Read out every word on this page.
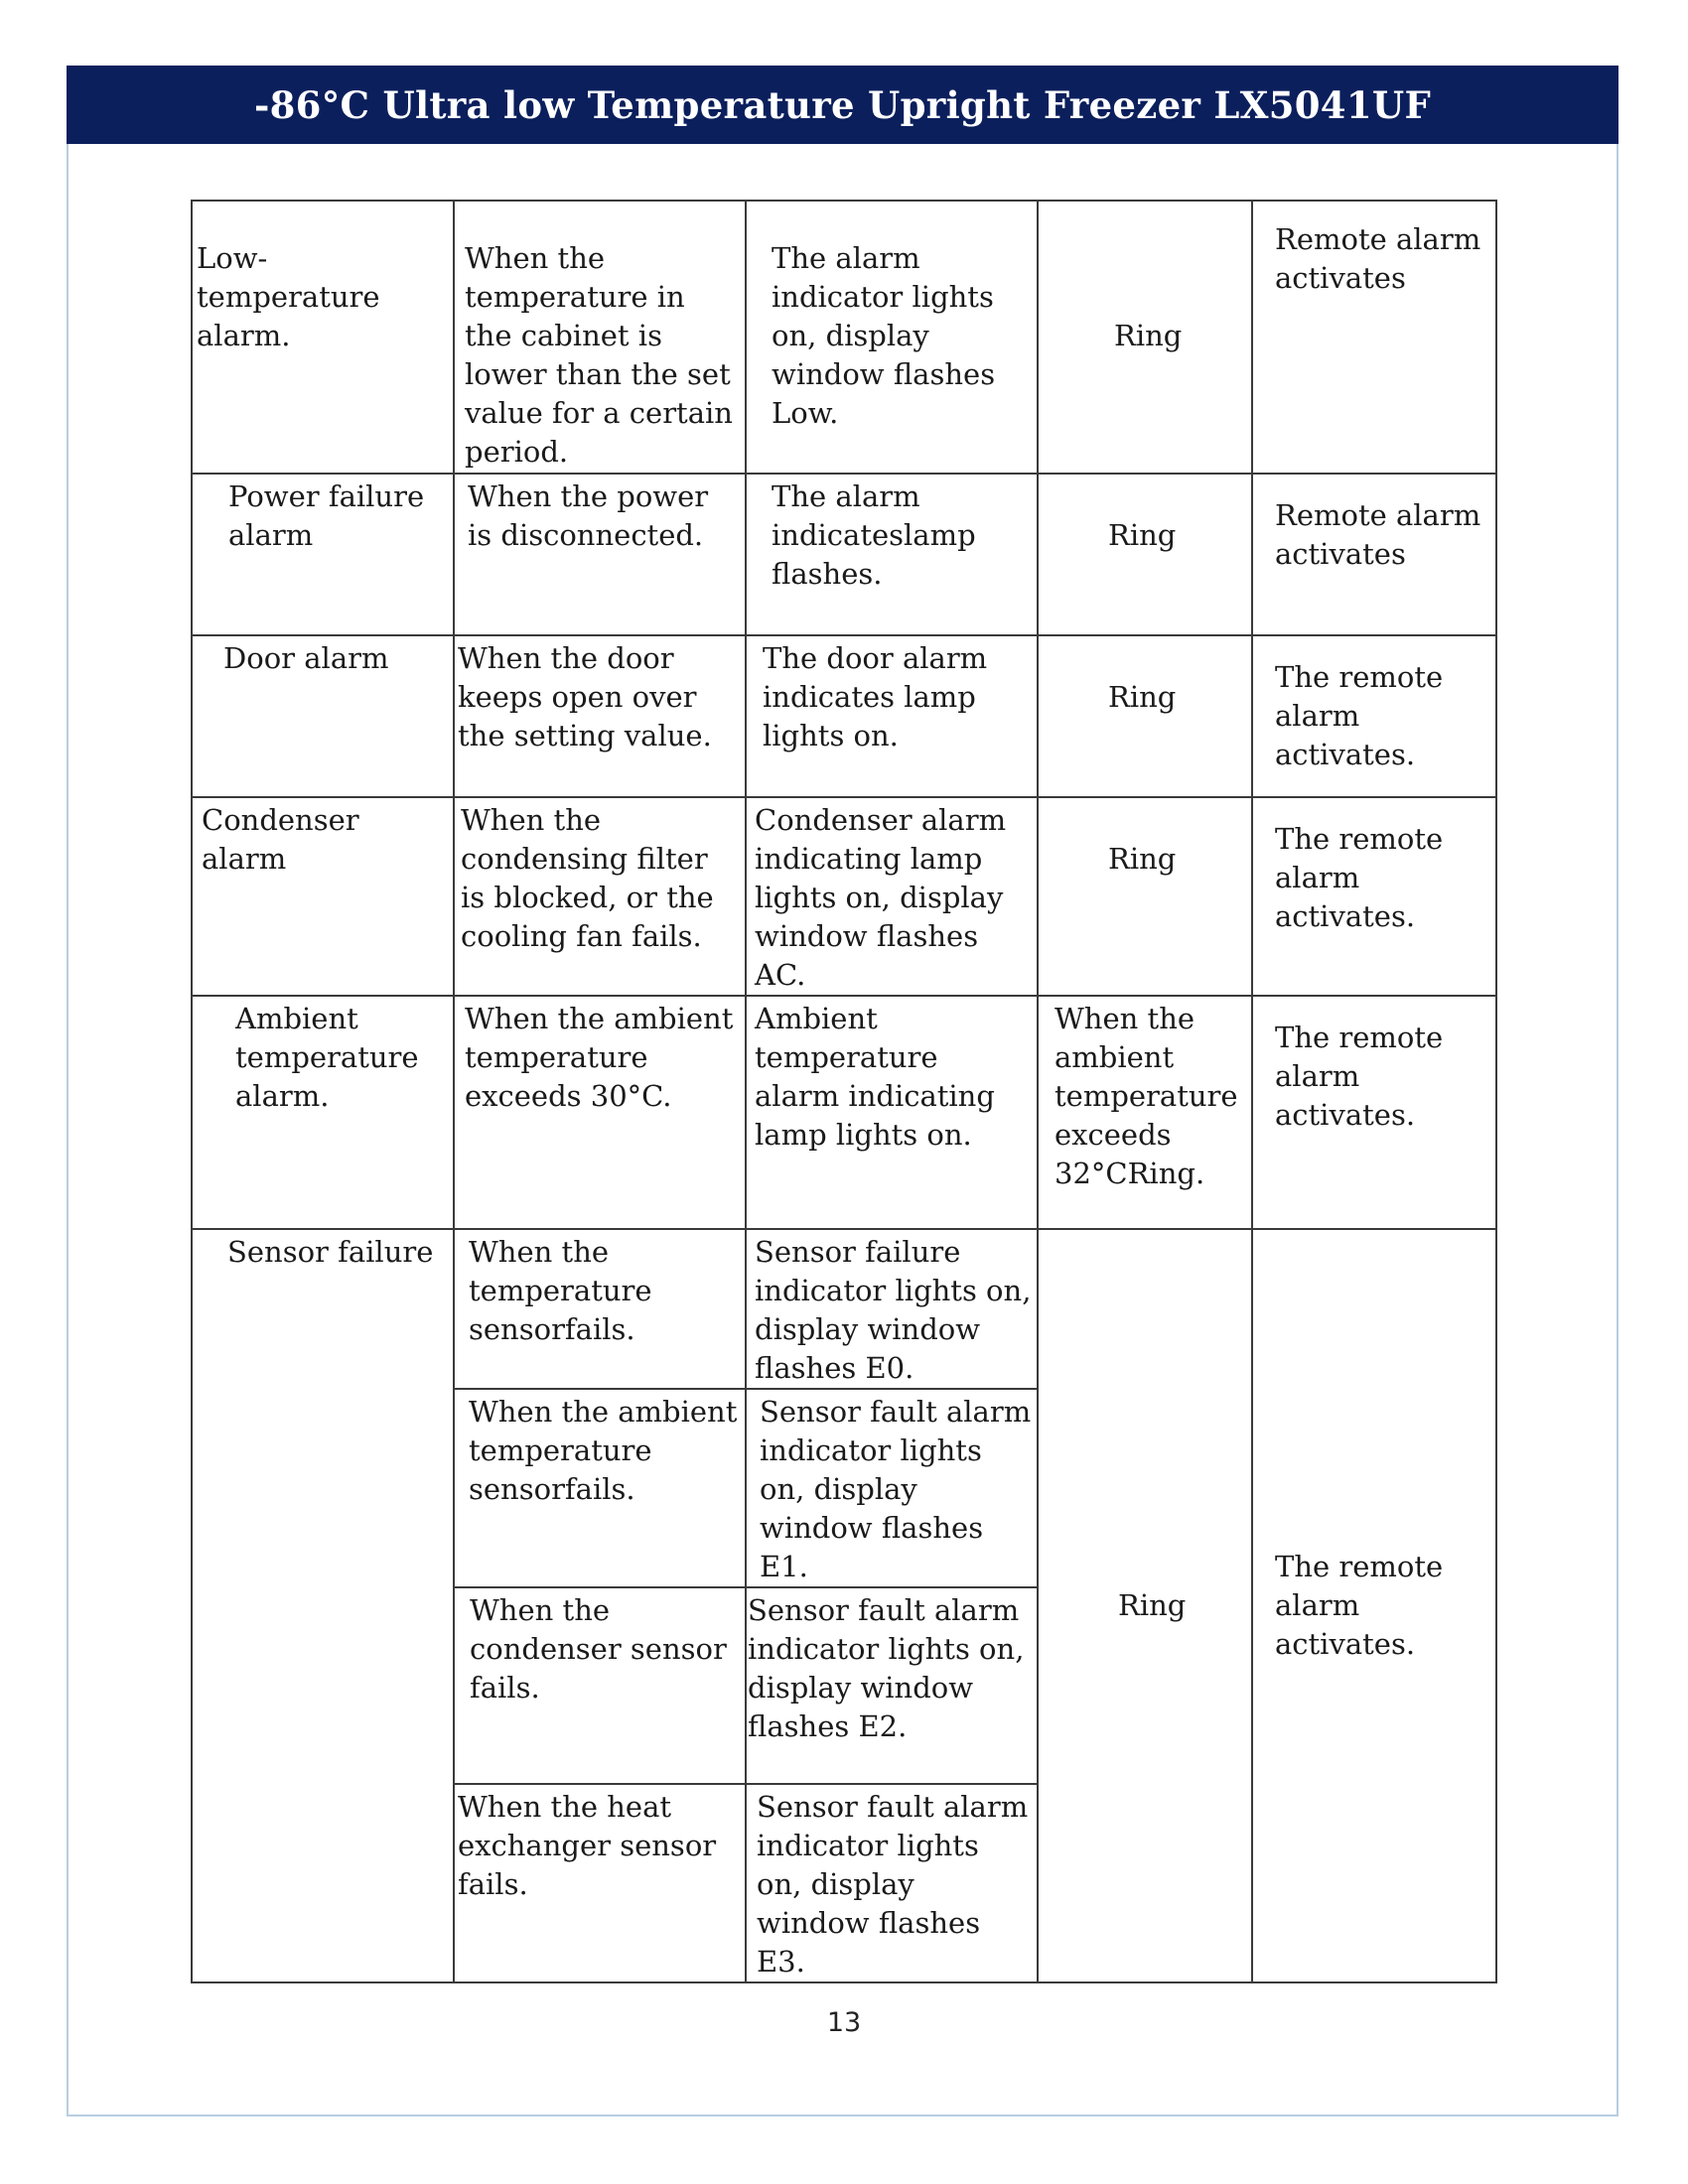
-86°C Ultra low Temperature Upright Freezer LX5041UF
Low- temperature alarm.	When the temperature in the cabinet is lower than the set value for a certain period.	The alarm indicator lights on, display window flashes Low.	Ring	Remote alarm activates

Power failure alarm	When the power is disconnected.	The alarm indicateslamp flashes.	Ring	Remote alarm activates

Door alarm	When the door keeps open over the setting value.	The door alarm indicates lamp lights on.	Ring	The remote alarm activates.

Condenser alarm	When the condensing filter is blocked, or the cooling fan fails.	Condenser alarm indicating lamp lights on, display window flashes AC.	Ring	The remote alarm activates.

Ambient temperature alarm.	When the ambient temperature exceeds 30°C.	Ambient temperature alarm indicating lamp lights on.	When the ambient temperature exceeds 32°CRing.	The remote alarm activates.

Sensor failure	When the temperature sensorfails.	Sensor failure indicator lights on, display window flashes E0.	Ring	The remote alarm activates.

	When the ambient temperature sensorfails.	Sensor fault alarm indicator lights on, display window flashes E1.		

	When the condenser sensor fails.	Sensor fault alarm indicator lights on, display window flashes E2.		

	When the heat exchanger sensor fails.	Sensor fault alarm indicator lights on, display window flashes E3.		
13
